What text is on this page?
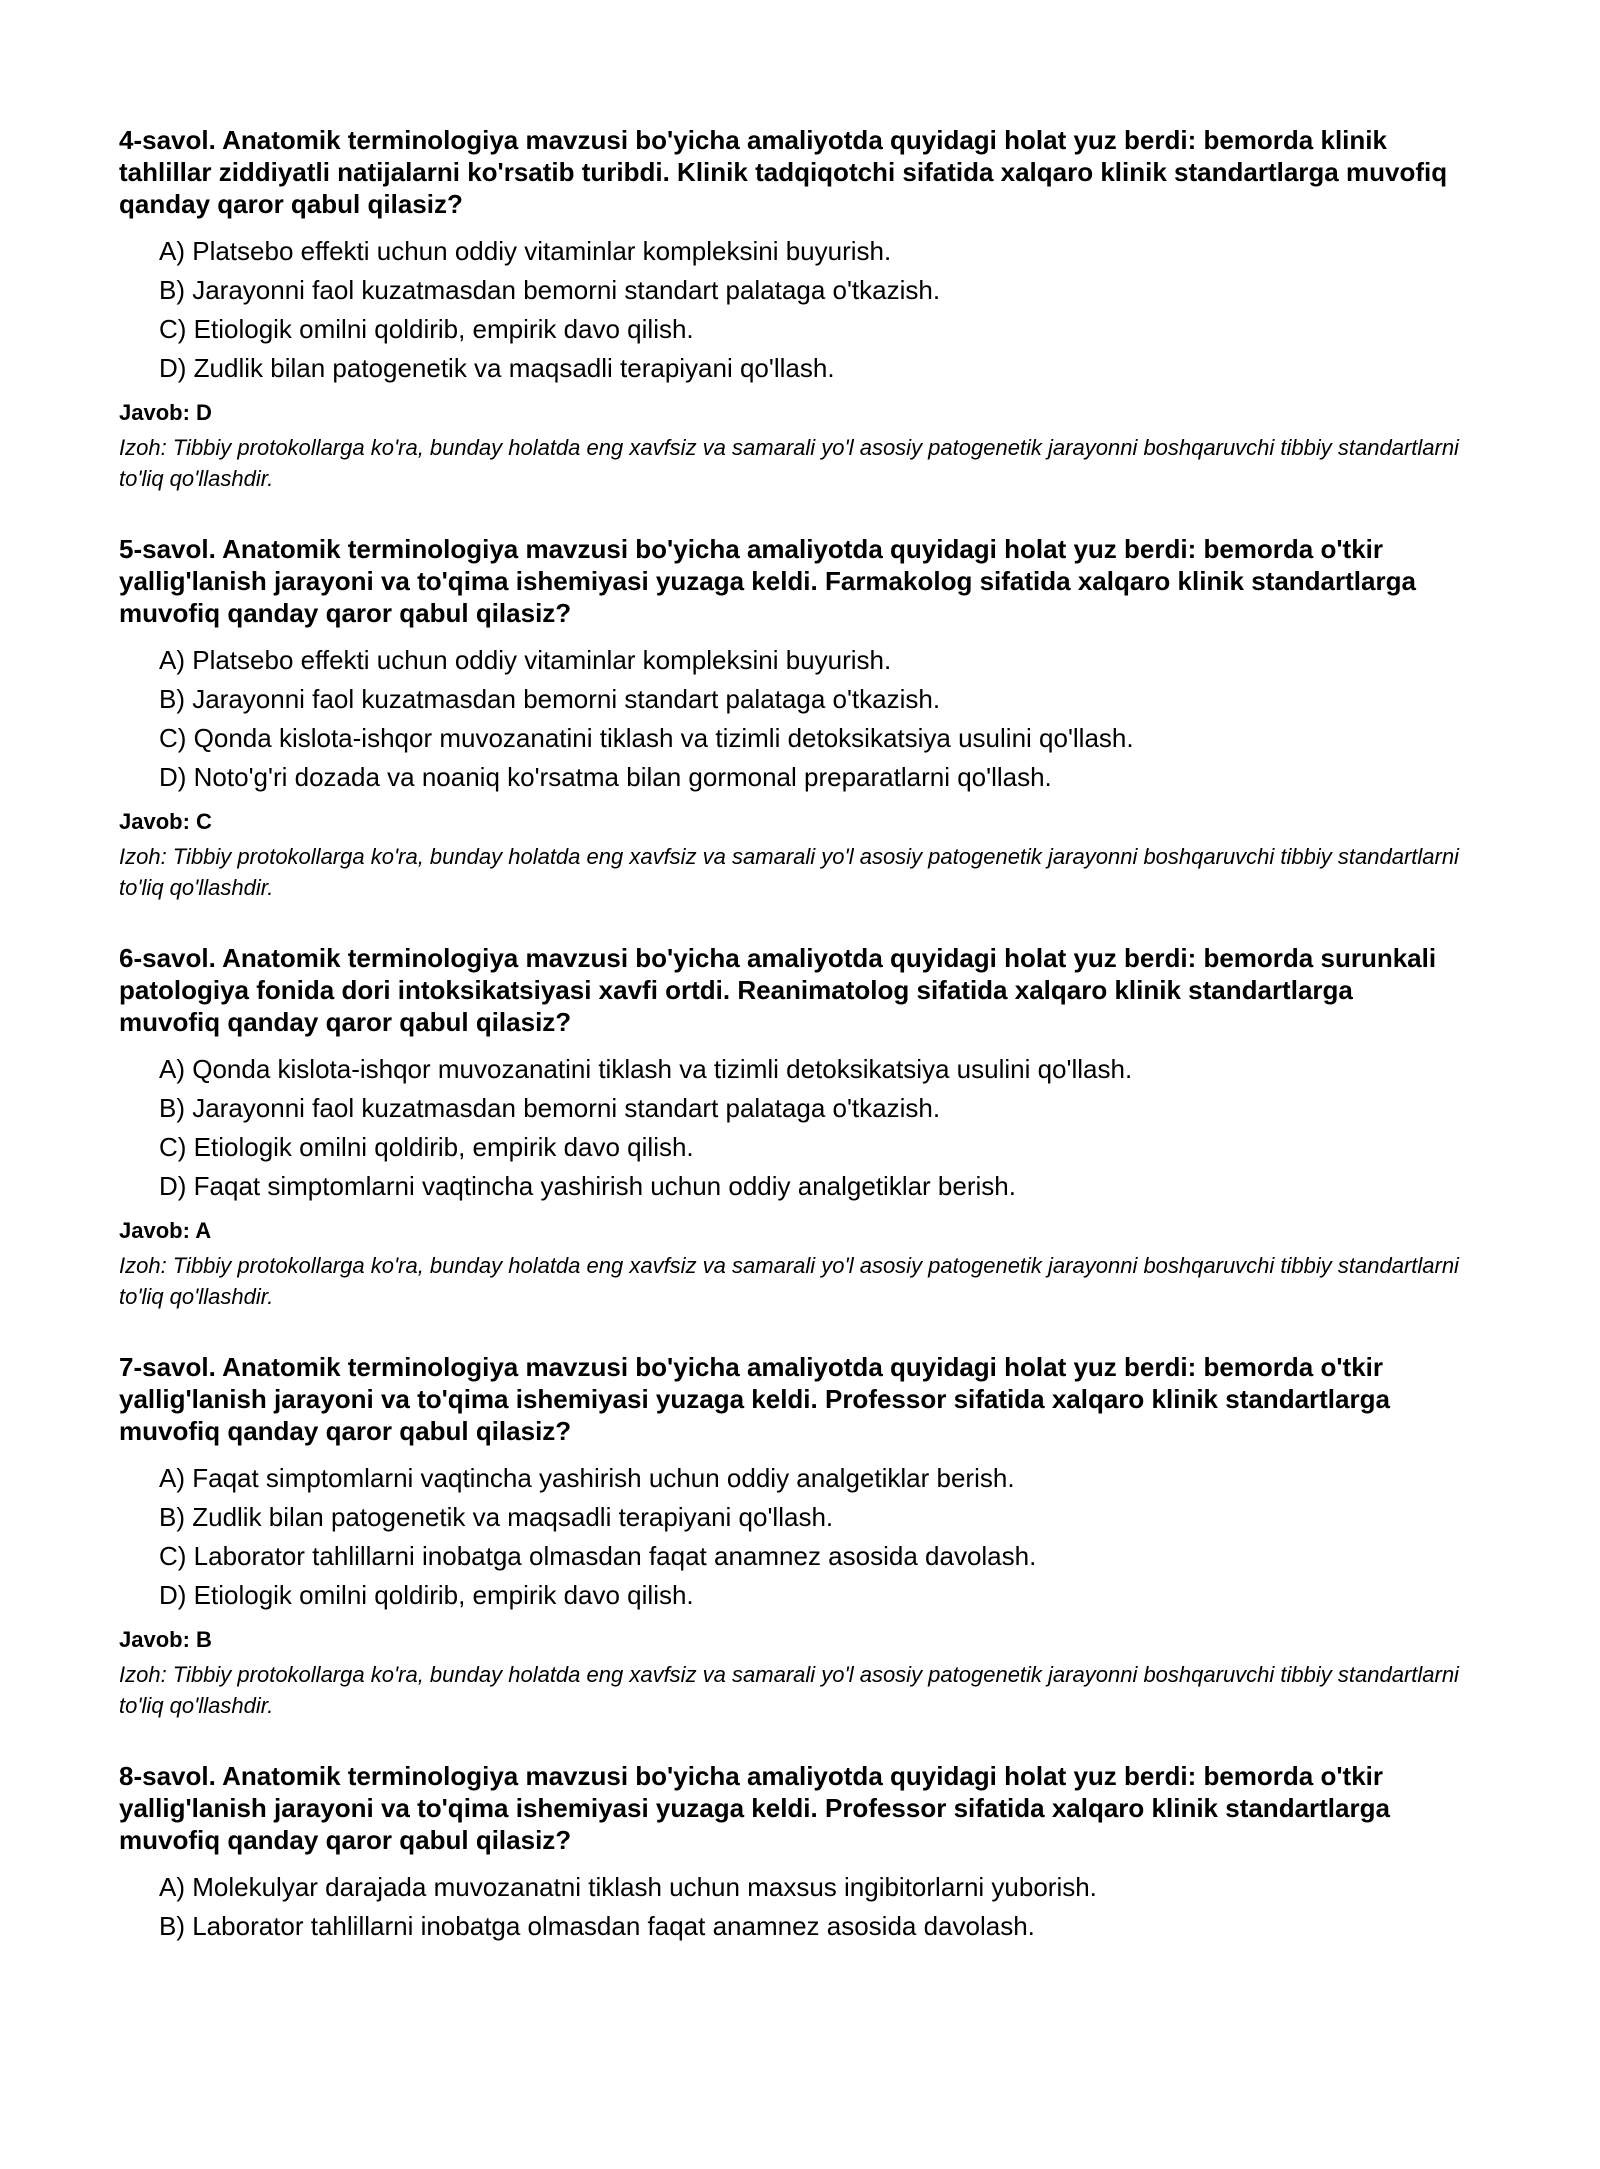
4-savol. Anatomik terminologiya mavzusi bo'yicha amaliyotda quyidagi holat yuz berdi: bemorda klinik tahlillar ziddiyatli natijalarni ko'rsatib turibdi. Klinik tadqiqotchi sifatida xalqaro klinik standartlarga muvofiq qanday qaror qabul qilasiz?

A) Platsebo effekti uchun oddiy vitaminlar kompleksini buyurish.
B) Jarayonni faol kuzatmasdan bemorni standart palataga o'tkazish.
C) Etiologik omilni qoldirib, empirik davo qilish.
D) Zudlik bilan patogenetik va maqsadli terapiyani qo'llash.

Javob: D

Izoh: Tibbiy protokollarga ko'ra, bunday holatda eng xavfsiz va samarali yo'l asosiy patogenetik jarayonni boshqaruvchi tibbiy standartlarni to'liq qo'llashdir.

5-savol. Anatomik terminologiya mavzusi bo'yicha amaliyotda quyidagi holat yuz berdi: bemorda o'tkir yallig'lanish jarayoni va to'qima ishemiyasi yuzaga keldi. Farmakolog sifatida xalqaro klinik standartlarga muvofiq qanday qaror qabul qilasiz?

A) Platsebo effekti uchun oddiy vitaminlar kompleksini buyurish.
B) Jarayonni faol kuzatmasdan bemorni standart palataga o'tkazish.
C) Qonda kislota-ishqor muvozanatini tiklash va tizimli detoksikatsiya usulini qo'llash.
D) Noto'g'ri dozada va noaniq ko'rsatma bilan gormonal preparatlarni qo'llash.

Javob: C

Izoh: Tibbiy protokollarga ko'ra, bunday holatda eng xavfsiz va samarali yo'l asosiy patogenetik jarayonni boshqaruvchi tibbiy standartlarni to'liq qo'llashdir.

6-savol. Anatomik terminologiya mavzusi bo'yicha amaliyotda quyidagi holat yuz berdi: bemorda surunkali patologiya fonida dori intoksikatsiyasi xavfi ortdi. Reanimatolog sifatida xalqaro klinik standartlarga muvofiq qanday qaror qabul qilasiz?

A) Qonda kislota-ishqor muvozanatini tiklash va tizimli detoksikatsiya usulini qo'llash.
B) Jarayonni faol kuzatmasdan bemorni standart palataga o'tkazish.
C) Etiologik omilni qoldirib, empirik davo qilish.
D) Faqat simptomlarni vaqtincha yashirish uchun oddiy analgetiklar berish.

Javob: A

Izoh: Tibbiy protokollarga ko'ra, bunday holatda eng xavfsiz va samarali yo'l asosiy patogenetik jarayonni boshqaruvchi tibbiy standartlarni to'liq qo'llashdir.

7-savol. Anatomik terminologiya mavzusi bo'yicha amaliyotda quyidagi holat yuz berdi: bemorda o'tkir yallig'lanish jarayoni va to'qima ishemiyasi yuzaga keldi. Professor sifatida xalqaro klinik standartlarga muvofiq qanday qaror qabul qilasiz?

A) Faqat simptomlarni vaqtincha yashirish uchun oddiy analgetiklar berish.
B) Zudlik bilan patogenetik va maqsadli terapiyani qo'llash.
C) Laborator tahlillarni inobatga olmasdan faqat anamnez asosida davolash.
D) Etiologik omilni qoldirib, empirik davo qilish.

Javob: B

Izoh: Tibbiy protokollarga ko'ra, bunday holatda eng xavfsiz va samarali yo'l asosiy patogenetik jarayonni boshqaruvchi tibbiy standartlarni to'liq qo'llashdir.

8-savol. Anatomik terminologiya mavzusi bo'yicha amaliyotda quyidagi holat yuz berdi: bemorda o'tkir yallig'lanish jarayoni va to'qima ishemiyasi yuzaga keldi. Professor sifatida xalqaro klinik standartlarga muvofiq qanday qaror qabul qilasiz?

A) Molekulyar darajada muvozanatni tiklash uchun maxsus ingibitorlarni yuborish.
B) Laborator tahlillarni inobatga olmasdan faqat anamnez asosida davolash.
